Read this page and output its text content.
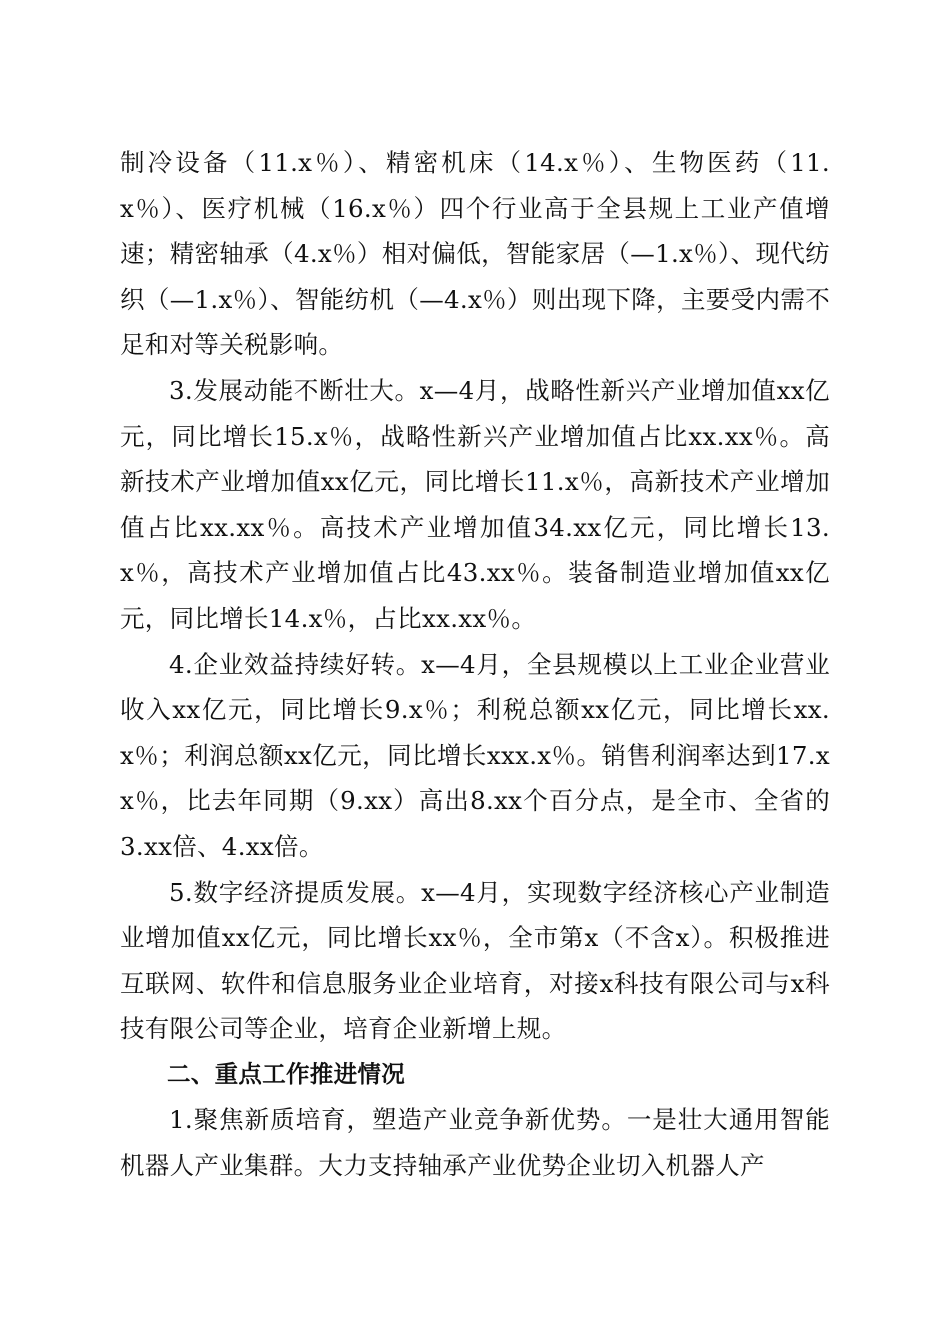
制冷设备（11.x％）、精密机床（14.x％）、生物医药（11.x％）、医疗机械（16.x％）四个行业高于全县规上工业产值增速；精密轴承（4.x％）相对偏低，智能家居（—1.x％）、现代纺织（—1.x％）、智能纺机（—4.x％）则出现下降，主要受内需不足和对等关税影响。

3.发展动能不断壮大。x—4月，战略性新兴产业增加值xx亿元，同比增长15.x％，战略性新兴产业增加值占比xx.xx％。高新技术产业增加值xx亿元，同比增长11.x％，高新技术产业增加值占比xx.xx％。高技术产业增加值34.xx亿元，同比增长13.x％，高技术产业增加值占比43.xx％。装备制造业增加值xx亿元，同比增长14.x％，占比xx.xx％。

4.企业效益持续好转。x—4月，全县规模以上工业企业营业收入xx亿元，同比增长9.x％；利税总额xx亿元，同比增长xx.x％；利润总额xx亿元，同比增长xxx.x％。销售利润率达到17.xx％，比去年同期（9.xx）高出8.xx个百分点，是全市、全省的3.xx倍、4.xx倍。

5.数字经济提质发展。x—4月，实现数字经济核心产业制造业增加值xx亿元，同比增长xx％，全市第x（不含x）。积极推进互联网、软件和信息服务业企业培育，对接x科技有限公司与x科技有限公司等企业，培育企业新增上规。

二、重点工作推进情况

1.聚焦新质培育，塑造产业竞争新优势。一是壮大通用智能机器人产业集群。大力支持轴承产业优势企业切入机器人产
